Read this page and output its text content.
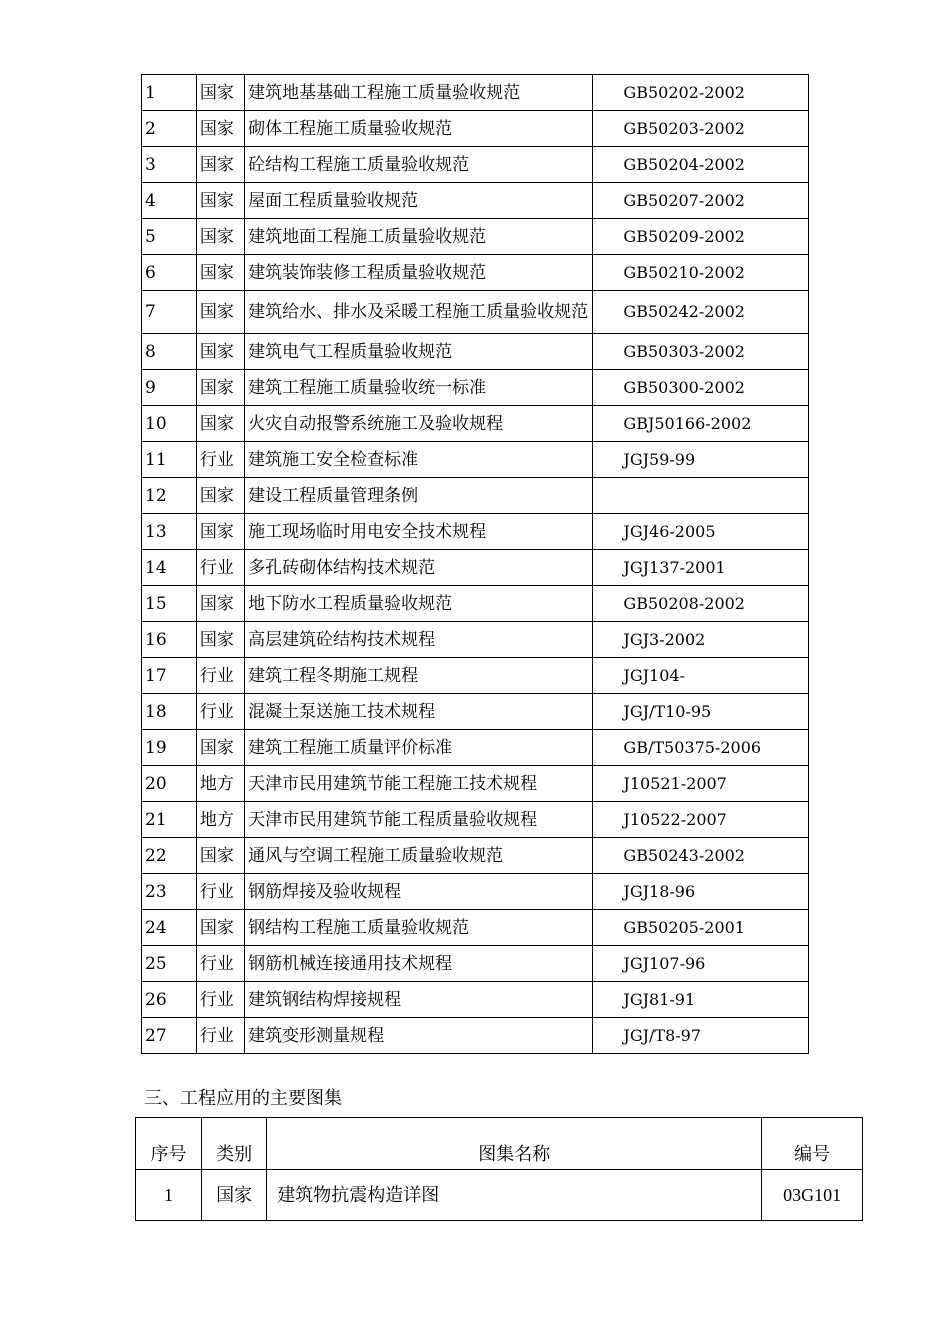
1	国家	建筑地基基础工程施工质量验收规范	GB50202-2002
2	国家	砌体工程施工质量验收规范	GB50203-2002
3	国家	砼结构工程施工质量验收规范	GB50204-2002
4	国家	屋面工程质量验收规范	GB50207-2002
5	国家	建筑地面工程施工质量验收规范	GB50209-2002
6	国家	建筑装饰装修工程质量验收规范	GB50210-2002
7	国家	建筑给水、排水及采暖工程施工质量验收规范	GB50242-2002
8	国家	建筑电气工程质量验收规范	GB50303-2002
9	国家	建筑工程施工质量验收统一标准	GB50300-2002
10	国家	火灾自动报警系统施工及验收规程	GBJ50166-2002
11	行业	建筑施工安全检查标准	JGJ59-99
12	国家	建设工程质量管理条例	
13	国家	施工现场临时用电安全技术规程	JGJ46-2005
14	行业	多孔砖砌体结构技术规范	JGJ137-2001
15	国家	地下防水工程质量验收规范	GB50208-2002
16	国家	高层建筑砼结构技术规程	JGJ3-2002
17	行业	建筑工程冬期施工规程	JGJ104-
18	行业	混凝土泵送施工技术规程	JGJ/T10-95
19	国家	建筑工程施工质量评价标准	GB/T50375-2006
20	地方	天津市民用建筑节能工程施工技术规程	J10521-2007
21	地方	天津市民用建筑节能工程质量验收规程	J10522-2007
22	国家	通风与空调工程施工质量验收规范	GB50243-2002
23	行业	钢筋焊接及验收规程	JGJ18-96
24	国家	钢结构工程施工质量验收规范	GB50205-2001
25	行业	钢筋机械连接通用技术规程	JGJ107-96
26	行业	建筑钢结构焊接规程	JGJ81-91
27	行业	建筑变形测量规程	JGJ/T8-97
三、工程应用的主要图集
序号	类别	图集名称	编号
1	国家	建筑物抗震构造详图	03G101
